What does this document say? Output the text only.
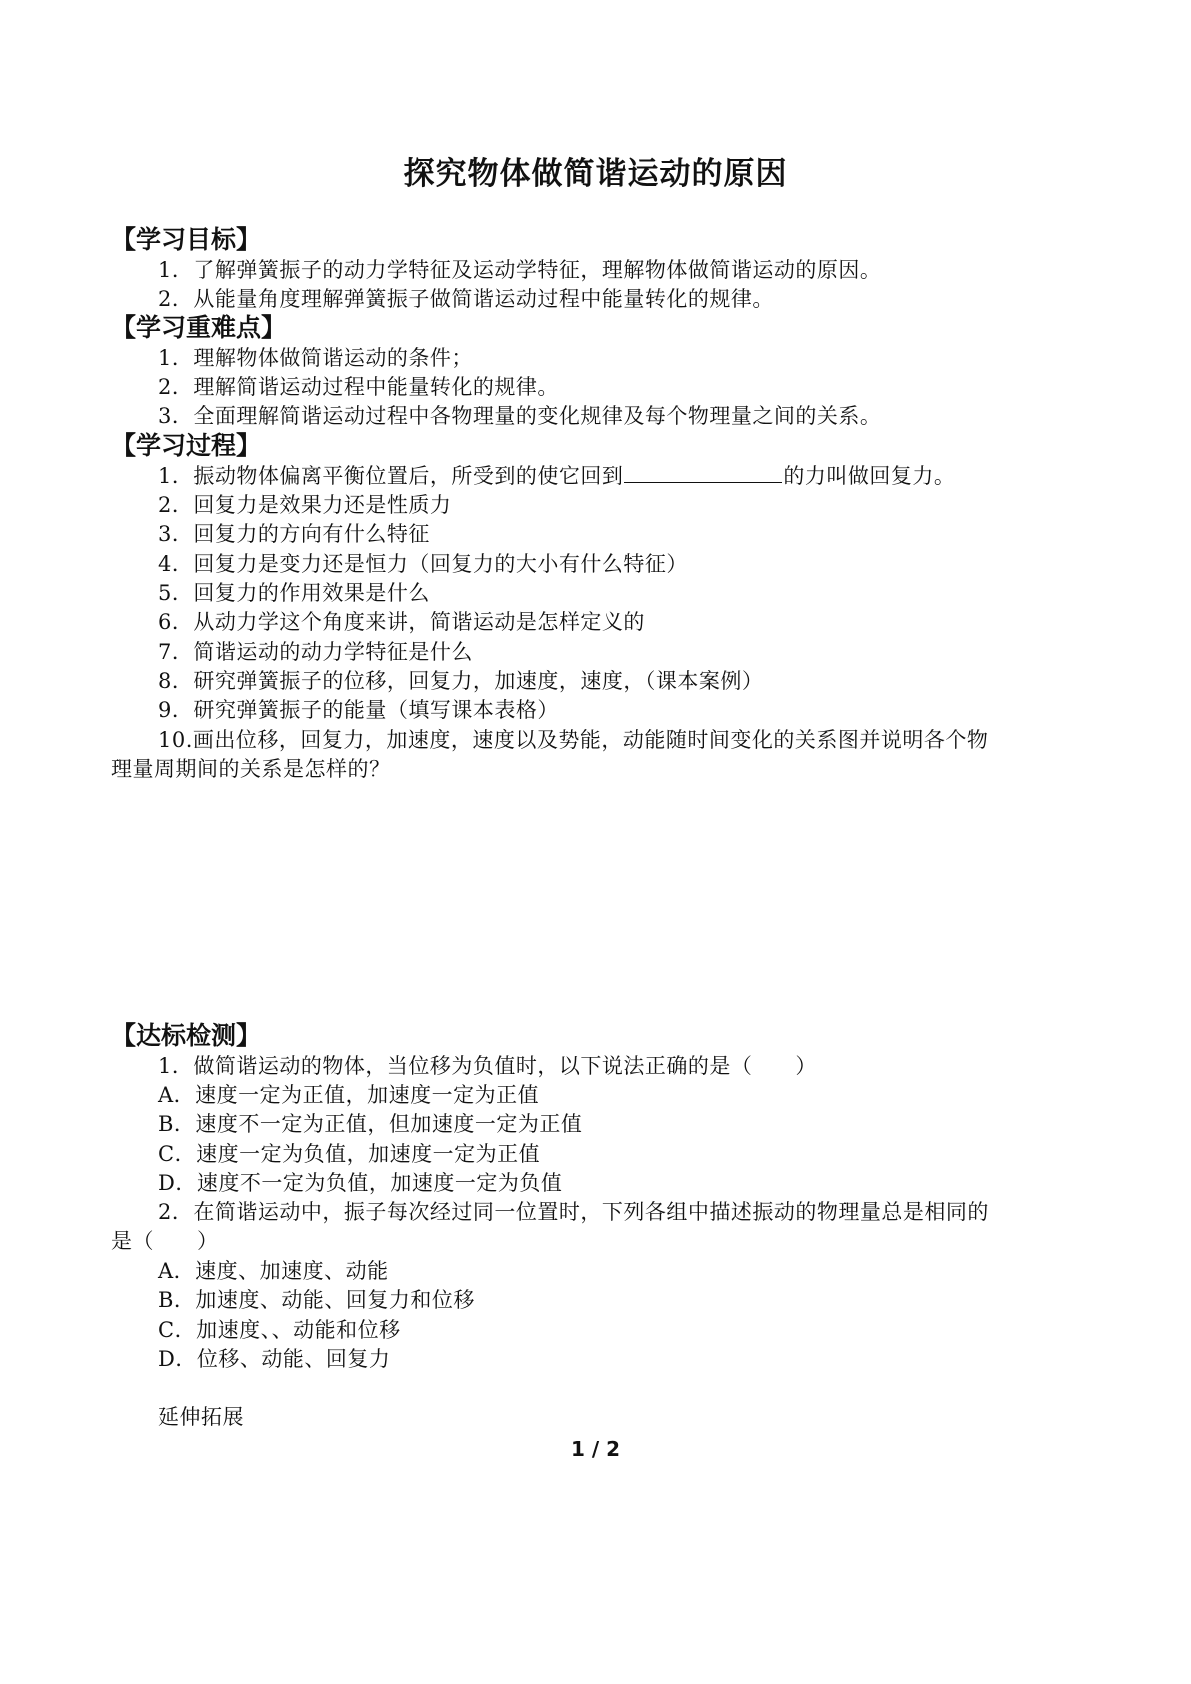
探究物体做简谐运动的原因
【学习目标】
1．了解弹簧振子的动力学特征及运动学特征，理解物体做简谐运动的原因。
2．从能量角度理解弹簧振子做简谐运动过程中能量转化的规律。
【学习重难点】
1．理解物体做简谐运动的条件；
2．理解简谐运动过程中能量转化的规律。
3．全面理解简谐运动过程中各物理量的变化规律及每个物理量之间的关系。
【学习过程】
1．振动物体偏离平衡位置后，所受到的使它回到	的力叫做回复力。
2．回复力是效果力还是性质力
3．回复力的方向有什么特征
4．回复力是变力还是恒力（回复力的大小有什么特征）
5．回复力的作用效果是什么
6．从动力学这个角度来讲，简谐运动是怎样定义的
7．简谐运动的动力学特征是什么
8．研究弹簧振子的位移，回复力，加速度，速度，（课本案例）
9．研究弹簧振子的能量（填写课本表格）
10.画出位移，回复力，加速度，速度以及势能，动能随时间变化的关系图并说明各个物
理量周期间的关系是怎样的？
【达标检测】
1．做简谐运动的物体，当位移为负值时，以下说法正确的是（　　）
A．速度一定为正值，加速度一定为正值
B．速度不一定为正值，但加速度一定为正值
C．速度一定为负值，加速度一定为正值
D．速度不一定为负值，加速度一定为负值
2．在简谐运动中，振子每次经过同一位置时，下列各组中描述振动的物理量总是相同的
是（　　）
A．速度、加速度、动能
B．加速度、动能、回复力和位移
C．加速度、、动能和位移
D．位移、动能、回复力
延伸拓展
1 / 2
